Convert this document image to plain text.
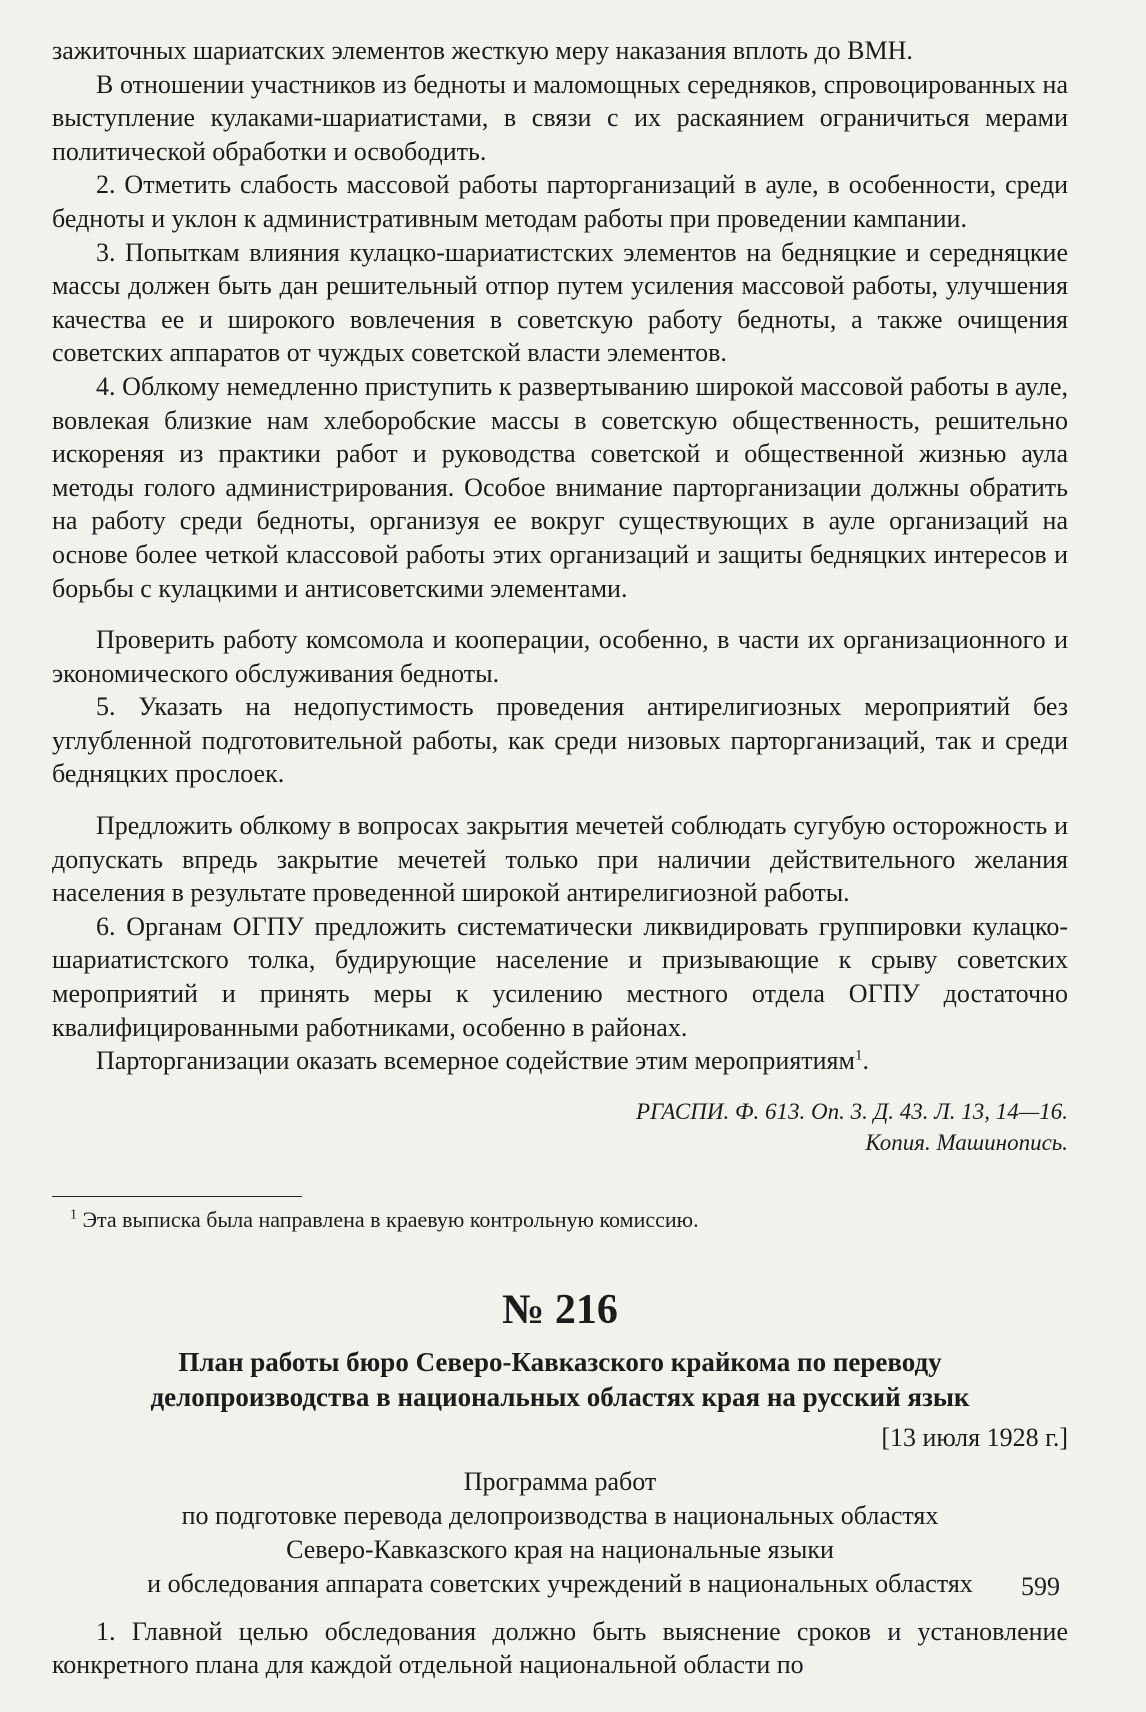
зажиточных шариатских элементов жесткую меру наказания вплоть до ВМН.

В отношении участников из бедноты и маломощных середняков, спровоцированных на выступление кулаками-шариатистами, в связи с их раскаянием ограничиться мерами политической обработки и освободить.

2. Отметить слабость массовой работы парторганизаций в ауле, в особенности, среди бедноты и уклон к административным методам работы при проведении кампании.

3. Попыткам влияния кулацко-шариатистских элементов на бедняцкие и середняцкие массы должен быть дан решительный отпор путем усиления массовой работы, улучшения качества ее и широкого вовлечения в советскую работу бедноты, а также очищения советских аппаратов от чуждых советской власти элементов.

4. Облкому немедленно приступить к развертыванию широкой массовой работы в ауле, вовлекая близкие нам хлеборобские массы в советскую общественность, решительно искореняя из практики работ и руководства советской и общественной жизнью аула методы голого администрирования. Особое внимание парторганизации должны обратить на работу среди бедноты, организуя ее вокруг существующих в ауле организаций на основе более четкой классовой работы этих организаций и защиты бедняцких интересов и борьбы с кулацкими и антисоветскими элементами.

Проверить работу комсомола и кооперации, особенно, в части их организационного и экономического обслуживания бедноты.

5. Указать на недопустимость проведения антирелигиозных мероприятий без углубленной подготовительной работы, как среди низовых парторганизаций, так и среди бедняцких прослоек.

Предложить облкому в вопросах закрытия мечетей соблюдать сугубую осторожность и допускать впредь закрытие мечетей только при наличии действительного желания населения в результате проведенной широкой антирелигиозной работы.

6. Органам ОГПУ предложить систематически ликвидировать группировки кулацко-шариатистского толка, будирующие население и призывающие к срыву советских мероприятий и принять меры к усилению местного отдела ОГПУ достаточно квалифицированными работниками, особенно в районах.

Парторганизации оказать всемерное содействие этим мероприятиям$^1$.

РГАСПИ. Ф. 613. Оп. 3. Д. 43. Л. 13, 14—16.
Копия. Машинопись.

$^1$ Эта выписка была направлена в краевую контрольную комиссию.

№ 216
План работы бюро Северо-Кавказского крайкома по переводу
делопроизводства в национальных областях края на русский язык
[13 июля 1928 г.]
Программа работ
по подготовке перевода делопроизводства в национальных областях
Северо-Кавказского края на национальные языки
и обследования аппарата советских учреждений в национальных областях

1. Главной целью обследования должно быть выяснение сроков и установление конкретного плана для каждой отдельной национальной области по

599
